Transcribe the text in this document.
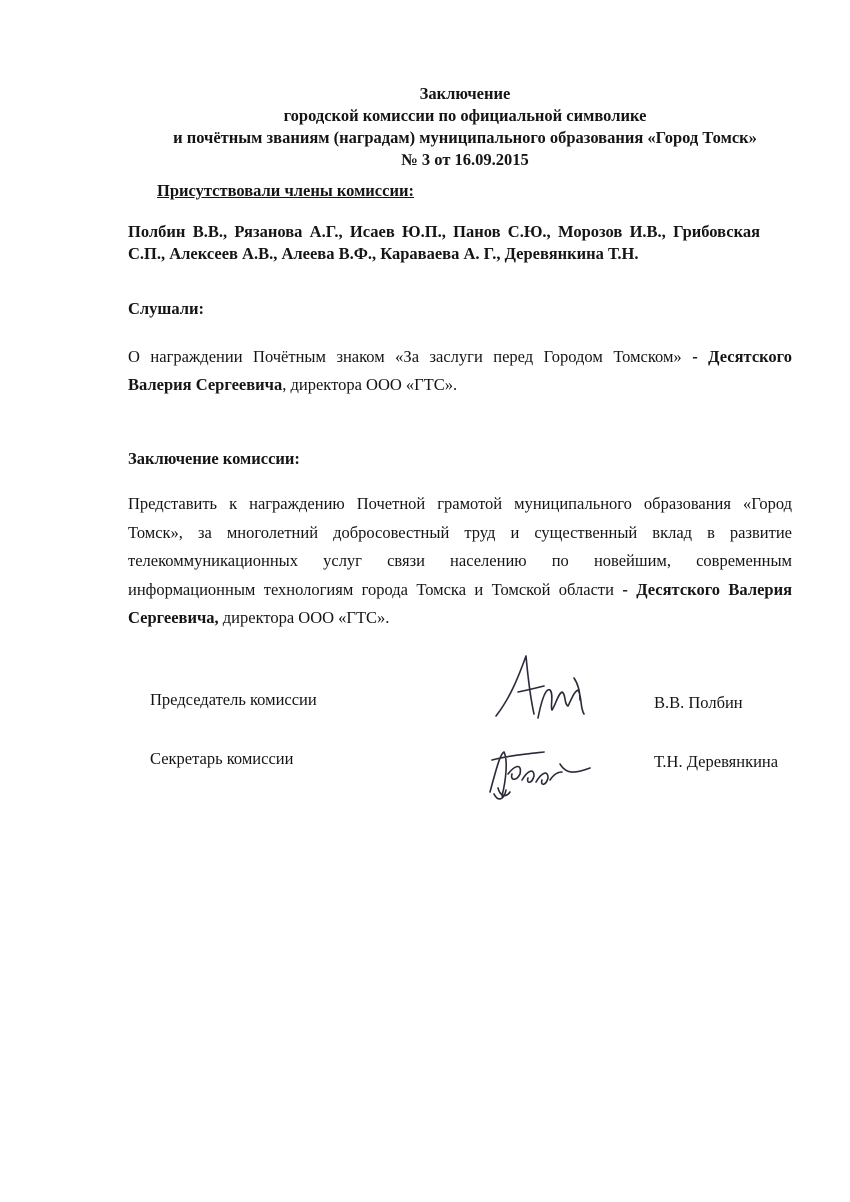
Заключение
городской комиссии по официальной символике
и почётным званиям (наградам) муниципального образования «Город Томск»
№ 3 от 16.09.2015
Присутствовали члены комиссии:
Полбин В.В., Рязанова А.Г., Исаев Ю.П., Панов С.Ю., Морозов И.В., Грибовская С.П., Алексеев А.В., Алеева В.Ф., Караваева А. Г., Деревянкина Т.Н.
Слушали:
О награждении Почётным знаком «За заслуги перед Городом Томском» - Десятского Валерия Сергеевича, директора ООО «ГТС».
Заключение комиссии:
Представить к награждению Почетной грамотой муниципального образования «Город Томск», за многолетний добросовестный труд и существенный вклад в развитие телекоммуникационных услуг связи населению по новейшим, современным информационным технологиям города Томска и Томской области - Десятского Валерия Сергеевича, директора ООО «ГТС».
Председатель комиссии	В.В. Полбин
Секретарь комиссии	Т.Н. Деревянкина
